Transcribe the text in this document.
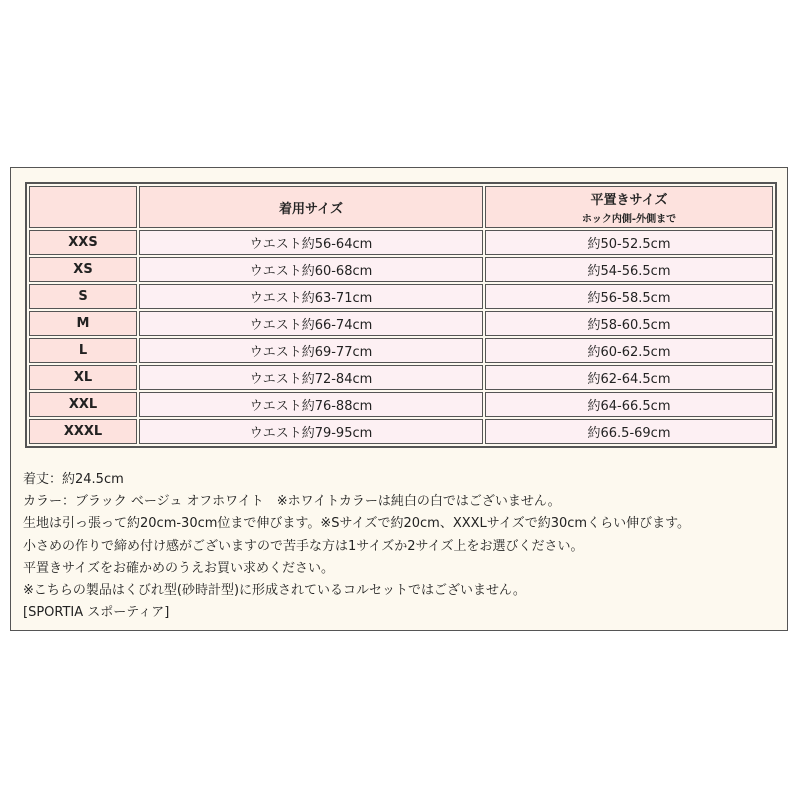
	着用サイズ	平置きサイズ
ホック内側-外側まで

XXS	ウエスト約56-64cm	約50-52.5cm
XS	ウエスト約60-68cm	約54-56.5cm
S	ウエスト約63-71cm	約56-58.5cm
M	ウエスト約66-74cm	約58-60.5cm
L	ウエスト約69-77cm	約60-62.5cm
XL	ウエスト約72-84cm	約62-64.5cm
XXL	ウエスト約76-88cm	約64-66.5cm
XXXL	ウエスト約79-95cm	約66.5-69cm
着丈：約24.5cm
カラー：ブラック ベージュ オフホワイト　※ホワイトカラーは純白の白ではございません。
生地は引っ張って約20cm-30cm位まで伸びます。※Sサイズで約20cm、XXXLサイズで約30cmくらい伸びます。
小さめの作りで締め付け感がございますので苦手な方は1サイズか2サイズ上をお選びください。
平置きサイズをお確かめのうえお買い求めください。
※こちらの製品はくびれ型(砂時計型)に形成されているコルセットではございません。
[SPORTIA スポーティア]
